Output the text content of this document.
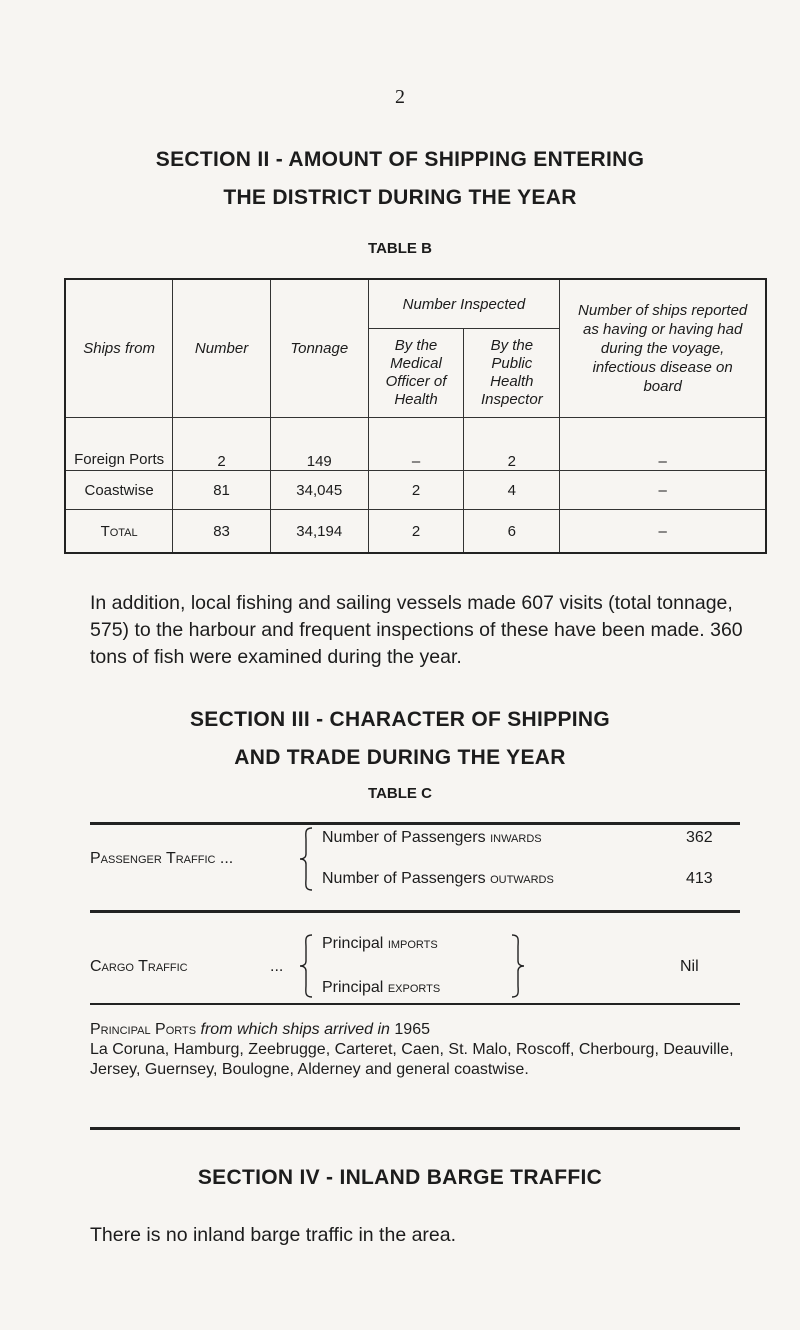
2
SECTION II - AMOUNT OF SHIPPING ENTERING
THE DISTRICT DURING THE YEAR
TABLE B
Ships from	Number	Tonnage	Number Inspected		Number of ships reported as having or having had during the voyage, infectious disease on board
			By the Medical Officer of Health	By the Public Health Inspector	
Foreign Ports	2	149	–	2	–
Coastwise	81	34,045	2	4	–
Total	83	34,194	2	6	–
In addition, local fishing and sailing vessels made 607 visits (total tonnage, 575) to the harbour and frequent inspections of these have been made. 360 tons of fish were examined during the year.
SECTION III - CHARACTER OF SHIPPING
AND TRADE DURING THE YEAR
TABLE C
Passenger Traffic ...
Number of Passengers inwards	362
Number of Passengers outwards	413
Cargo Traffic	...
Principal imports
Principal exports
Nil
Principal Ports from which ships arrived in 1965
La Coruna, Hamburg, Zeebrugge, Carteret, Caen, St. Malo, Roscoff, Cherbourg, Deauville, Jersey, Guernsey, Boulogne, Alderney and general coastwise.
SECTION IV - INLAND BARGE TRAFFIC
There is no inland barge traffic in the area.
